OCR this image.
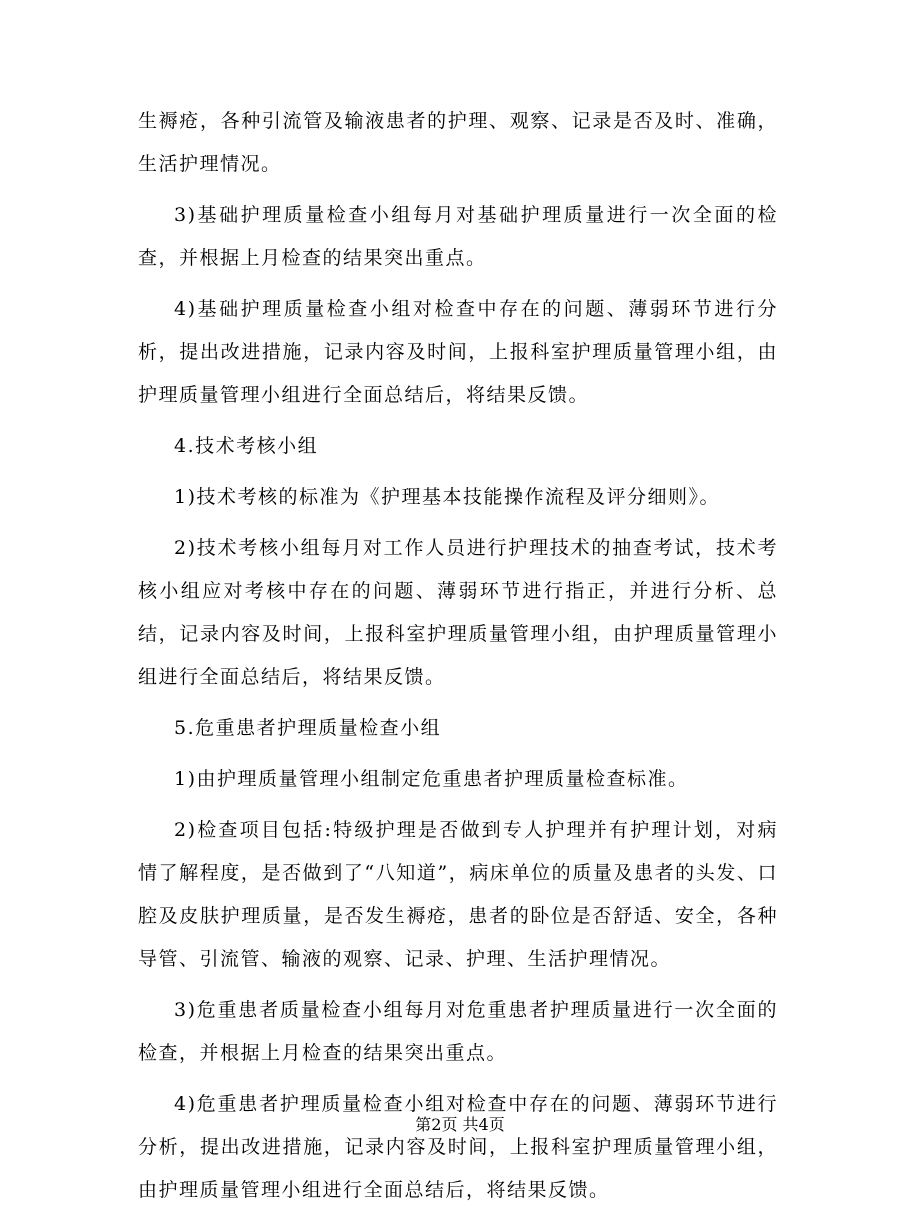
生褥疮，各种引流管及输液患者的护理、观察、记录是否及时、准确，生活护理情况。

3)基础护理质量检查小组每月对基础护理质量进行一次全面的检查，并根据上月检查的结果突出重点。

4)基础护理质量检查小组对检查中存在的问题、薄弱环节进行分析，提出改进措施，记录内容及时间，上报科室护理质量管理小组，由护理质量管理小组进行全面总结后，将结果反馈。

4.技术考核小组

1)技术考核的标准为《护理基本技能操作流程及评分细则》。

2)技术考核小组每月对工作人员进行护理技术的抽查考试，技术考核小组应对考核中存在的问题、薄弱环节进行指正，并进行分析、总结，记录内容及时间，上报科室护理质量管理小组，由护理质量管理小组进行全面总结后，将结果反馈。

5.危重患者护理质量检查小组

1)由护理质量管理小组制定危重患者护理质量检查标准。

2)检查项目包括:特级护理是否做到专人护理并有护理计划，对病情了解程度，是否做到了“八知道”，病床单位的质量及患者的头发、口腔及皮肤护理质量，是否发生褥疮，患者的卧位是否舒适、安全，各种导管、引流管、输液的观察、记录、护理、生活护理情况。

3)危重患者质量检查小组每月对危重患者护理质量进行一次全面的检查，并根据上月检查的结果突出重点。

4)危重患者护理质量检查小组对检查中存在的问题、薄弱环节进行分析，提出改进措施，记录内容及时间，上报科室护理质量管理小组，由护理质量管理小组进行全面总结后，将结果反馈。

第2页 共4页
